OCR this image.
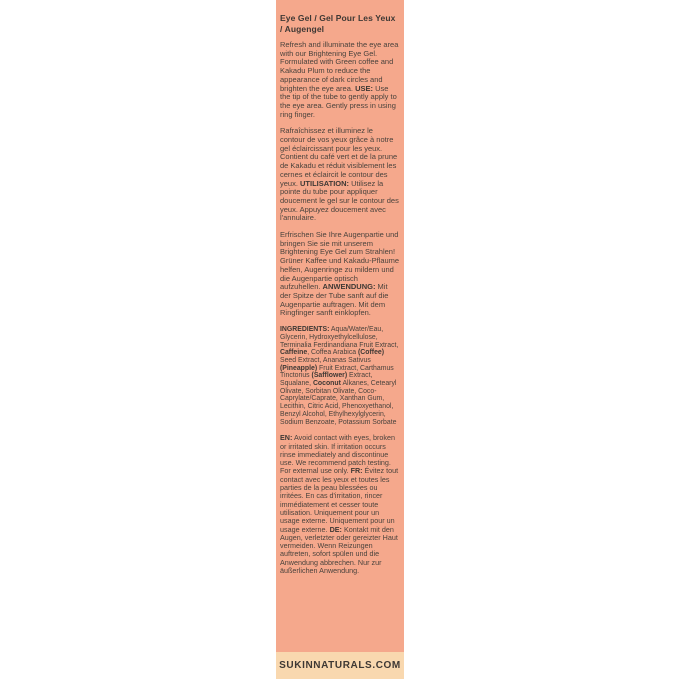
Eye Gel / Gel Pour Les Yeux / Augengel

Refresh and illuminate the eye area with our Brightening Eye Gel. Formulated with Green coffee and Kakadu Plum to reduce the appearance of dark circles and brighten the eye area. USE: Use the tip of the tube to gently apply to the eye area. Gently press in using ring finger.

Rafraîchissez et illuminez le contour de vos yeux grâce à notre gel éclaircissant pour les yeux. Contient du café vert et de la prune de Kakadu et réduit visiblement les cernes et éclaircit le contour des yeux. UTILISATION: Utilisez la pointe du tube pour appliquer doucement le gel sur le contour des yeux. Appuyez doucement avec l'annulaire.

Erfrischen Sie Ihre Augenpartie und bringen Sie sie mit unserem Brightening Eye Gel zum Strahlen! Grüner Kaffee und Kakadu-Pflaume helfen, Augenringe zu mildern und die Augenpartie optisch aufzuhellen. ANWENDUNG: Mit der Spitze der Tube sanft auf die Augenpartie auftragen. Mit dem Ringfinger sanft einklopfen.

INGREDIENTS: Aqua/Water/Eau, Glycerin, Hydroxyethylcellulose, Terminalia Ferdinandiana Fruit Extract, Caffeine, Coffea Arabica (Coffee) Seed Extract, Ananas Sativus (Pineapple) Fruit Extract, Carthamus Tinctorius (Safflower) Extract, Squalane, Coconut Alkanes, Cetearyl Olivate, Sorbitan Olivate, Coco-Caprylate/Caprate, Xanthan Gum, Lecithin, Citric Acid, Phenoxyethanol, Benzyl Alcohol, Ethylhexylglycerin, Sodium Benzoate, Potassium Sorbate

EN: Avoid contact with eyes, broken or irritated skin. If irritation occurs rinse immediately and discontinue use. We recommend patch testing. For external use only. FR: Évitez tout contact avec les yeux et toutes les parties de la peau blessées ou irritées. En cas d'irritation, rincer immédiatement et cesser toute utilisation. Uniquement pour un usage externe. Uniquement pour un usage externe. DE: Kontakt mit den Augen, verletzter oder gereizter Haut vermeiden. Wenn Reizungen auftreten, sofort spülen und die Anwendung abbrechen. Nur zur äußerlichen Anwendung.

SUKINNATURALS.COM
